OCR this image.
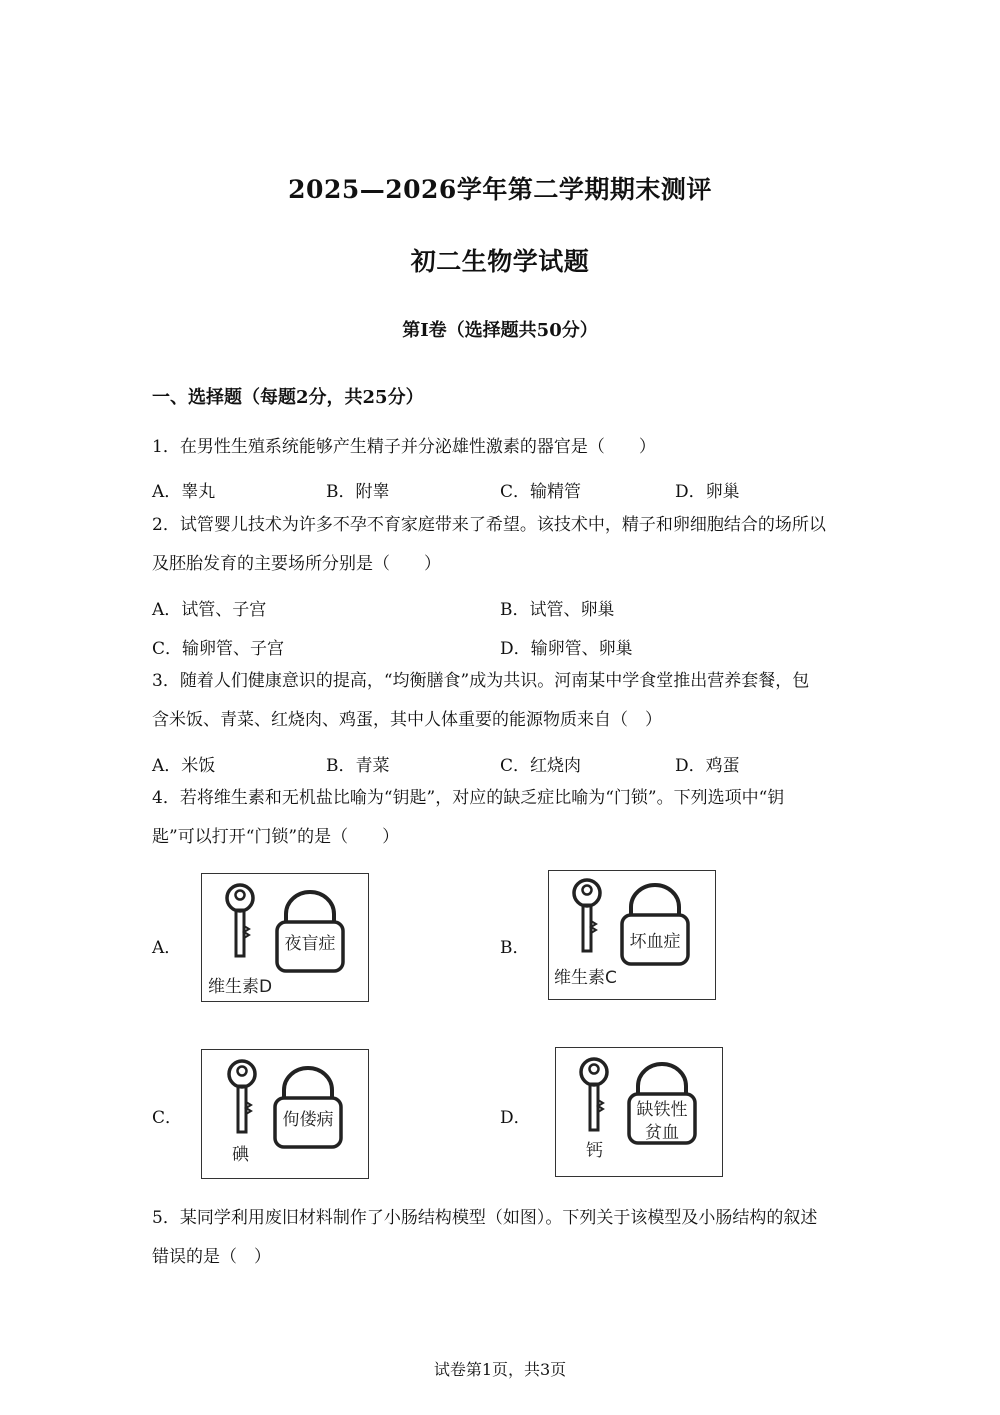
2025—2026学年第二学期期末测评
初二生物学试题
第Ⅰ卷（选择题共50分）
一、选择题（每题2分，共25分）
1．在男性生殖系统能够产生精子并分泌雄性激素的器官是（　　）
A．睾丸	B．附睾	C．输精管	D．卵巢
2．试管婴儿技术为许多不孕不育家庭带来了希望。该技术中，精子和卵细胞结合的场所以
及胚胎发育的主要场所分别是（　　）
A．试管、子宫	B．试管、卵巢
C．输卵管、子宫	D．输卵管、卵巢
3．随着人们健康意识的提高，“均衡膳食”成为共识。河南某中学食堂推出营养套餐，包
含米饭、青菜、红烧肉、鸡蛋，其中人体重要的能源物质来自（　）
A．米饭	B．青菜	C．红烧肉	D．鸡蛋
4．若将维生素和无机盐比喻为“钥匙”，对应的缺乏症比喻为“门锁”。下列选项中“钥
匙”可以打开“门锁”的是（　　）
A．	夜盲症
维生素D
B．	坏血症
维生素C
C．	佝偻病
碘
D．	缺铁性
贫血
钙
5．某同学利用废旧材料制作了小肠结构模型（如图）。下列关于该模型及小肠结构的叙述
错误的是（　）
试卷第1页，共3页
